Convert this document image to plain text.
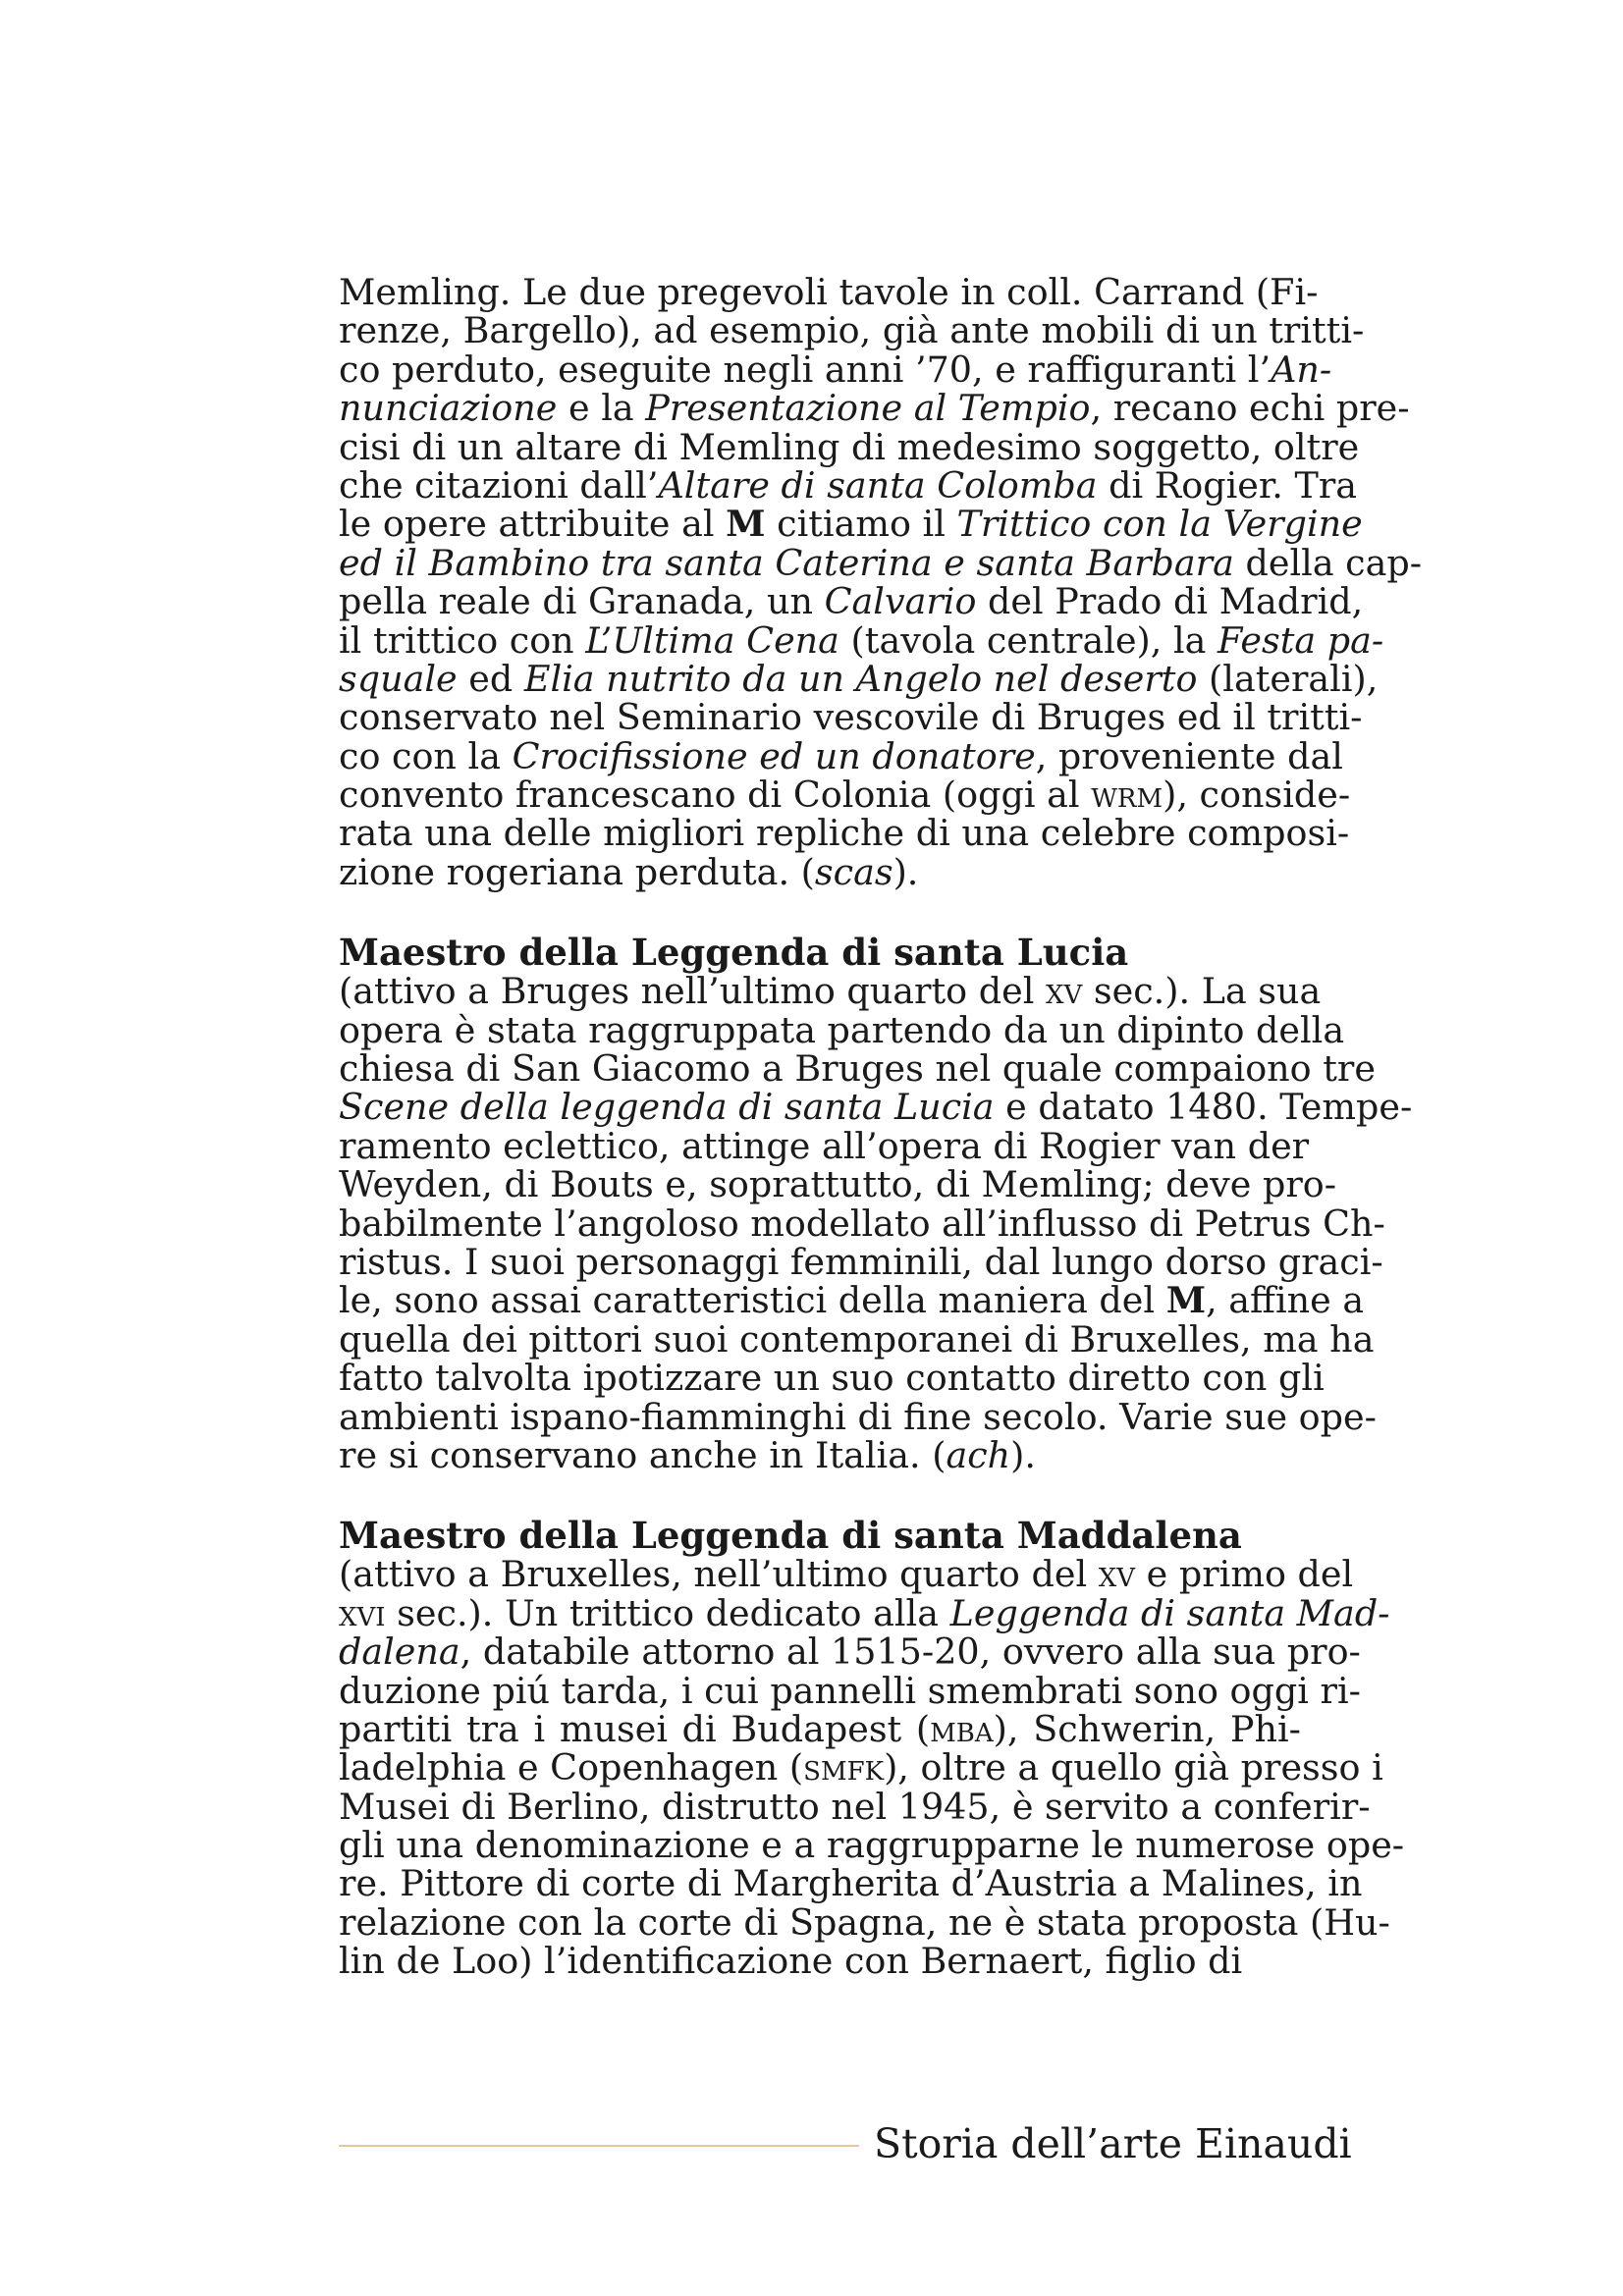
Memling. Le due pregevoli tavole in coll. Carrand (Fi-
renze, Bargello), ad esempio, già ante mobili di un tritti-
co perduto, eseguite negli anni ’70, e raffiguranti l’An-
nunciazione e la Presentazione al Tempio, recano echi pre-
cisi di un altare di Memling di medesimo soggetto, oltre
che citazioni dall’Altare di santa Colomba di Rogier. Tra
le opere attribuite al M citiamo il Trittico con la Vergine
ed il Bambino tra santa Caterina e santa Barbara della cap-
pella reale di Granada, un Calvario del Prado di Madrid,
il trittico con L’Ultima Cena (tavola centrale), la Festa pa-
squale ed Elia nutrito da un Angelo nel deserto (laterali),
conservato nel Seminario vescovile di Bruges ed il tritti-
co con la Crocifissione ed un donatore, proveniente dal
convento francescano di Colonia (oggi al wrm), conside-
rata una delle migliori repliche di una celebre composi-
zione rogeriana perduta. (scas).
Maestro della Leggenda di santa Lucia
(attivo a Bruges nell’ultimo quarto del xv sec.). La sua
opera è stata raggruppata partendo da un dipinto della
chiesa di San Giacomo a Bruges nel quale compaiono tre
Scene della leggenda di santa Lucia e datato 1480. Tempe-
ramento eclettico, attinge all’opera di Rogier van der
Weyden, di Bouts e, soprattutto, di Memling; deve pro-
babilmente l’angoloso modellato all’influsso di Petrus Ch-
ristus. I suoi personaggi femminili, dal lungo dorso graci-
le, sono assai caratteristici della maniera del M, affine a
quella dei pittori suoi contemporanei di Bruxelles, ma ha
fatto talvolta ipotizzare un suo contatto diretto con gli
ambienti ispano-fiamminghi di fine secolo. Varie sue ope-
re si conservano anche in Italia. (ach).
Maestro della Leggenda di santa Maddalena
(attivo a Bruxelles, nell’ultimo quarto del xv e primo del
xvi sec.). Un trittico dedicato alla Leggenda di santa Mad-
dalena, databile attorno al 1515-20, ovvero alla sua pro-
duzione piú tarda, i cui pannelli smembrati sono oggi ri-
partiti tra i musei di Budapest (mba), Schwerin, Phi-
ladelphia e Copenhagen (smfk), oltre a quello già presso i
Musei di Berlino, distrutto nel 1945, è servito a conferir-
gli una denominazione e a raggrupparne le numerose ope-
re. Pittore di corte di Margherita d’Austria a Malines, in
relazione con la corte di Spagna, ne è stata proposta (Hu-
lin de Loo) l’identificazione con Bernaert, figlio di
Storia dell’arte Einaudi
